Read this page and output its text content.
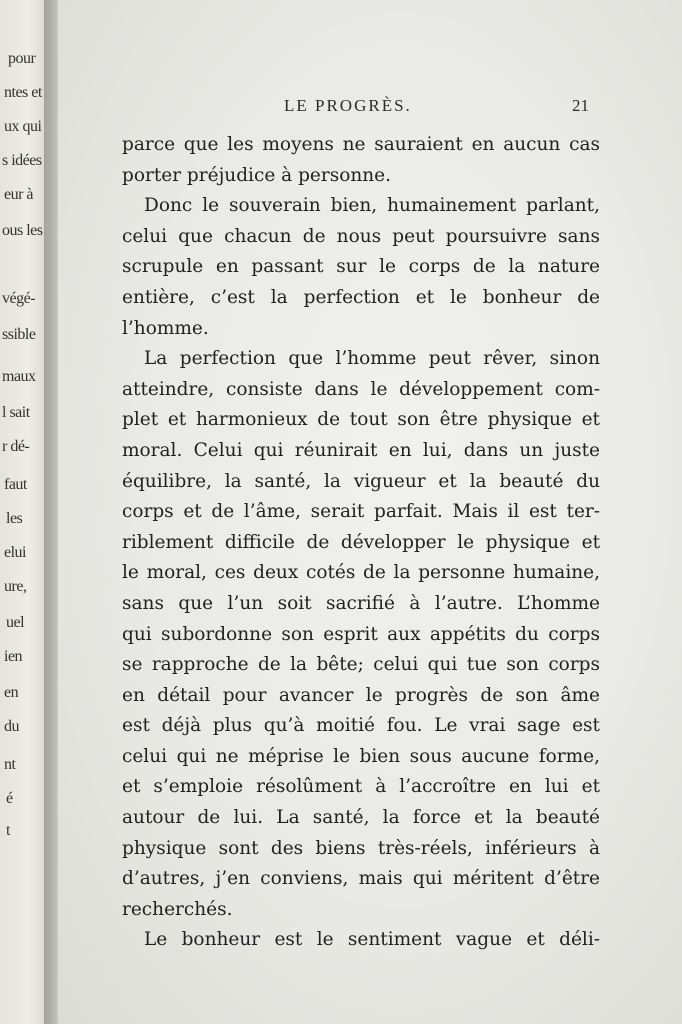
pour
ntes et
ux qui
s idées
eur à
ous les
végé-
ssible
maux
l sait
r dé-
faut
les
elui
ure,
uel
ien
en
du
nt
é
t
LE PROGRÈS.	21
parce que les moyens ne sauraient en aucun cas
porter préjudice à personne.
Donc le souverain bien, humainement parlant,
celui que chacun de nous peut poursuivre sans
scrupule en passant sur le corps de la nature
entière, c’est la perfection et le bonheur de
l’homme.
La perfection que l’homme peut rêver, sinon
atteindre, consiste dans le développement com-
plet et harmonieux de tout son être physique et
moral. Celui qui réunirait en lui, dans un juste
équilibre, la santé, la vigueur et la beauté du
corps et de l’âme, serait parfait. Mais il est ter-
riblement difficile de développer le physique et
le moral, ces deux cotés de la personne humaine,
sans que l’un soit sacrifié à l’autre. L’homme
qui subordonne son esprit aux appétits du corps
se rapproche de la bête; celui qui tue son corps
en détail pour avancer le progrès de son âme
est déjà plus qu’à moitié fou. Le vrai sage est
celui qui ne méprise le bien sous aucune forme,
et s’emploie résolûment à l’accroître en lui et
autour de lui. La santé, la force et la beauté
physique sont des biens très-réels, inférieurs à
d’autres, j’en conviens, mais qui méritent d’être
recherchés.
Le bonheur est le sentiment vague et déli-
